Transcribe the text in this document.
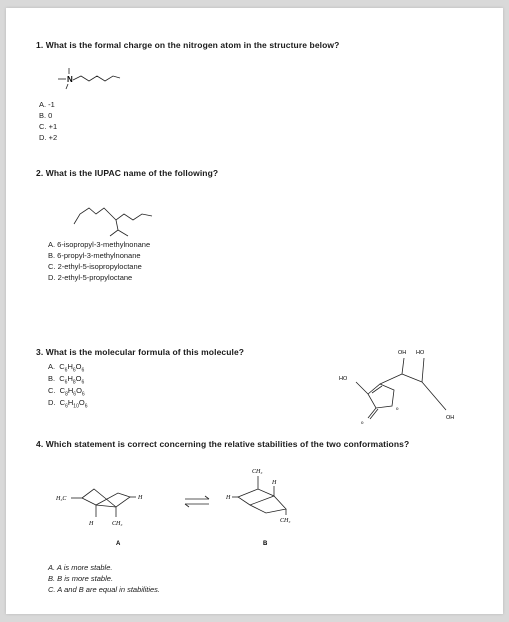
1. What is the formal charge on the nitrogen atom in the structure below?
N
A. -1
B. 0
C. +1
D. +2
2. What is the IUPAC name of the following?
A. 6-isopropyl-3-methylnonane
B. 6-propyl-3-methylnonane
C. 2-ethyl-5-isopropyloctane
D. 2-ethyl-5-propyloctane
3. What is the molecular formula of this molecule?
A.  $C_6H_6O_6$
B.  $C_6H_8O_6$
C.  $C_8H_6O_6$
D.  $C_6H_{10}O_6$
OH HO
HO
OH
o
o
4. Which statement is correct concerning the relative stabilities of the two conformations?
H₃C	H
H	CH₃
A
CH₃
H
H
CH₃
B
A. A is more stable.
B. B is more stable.
C. A and B are equal in stabilities.
